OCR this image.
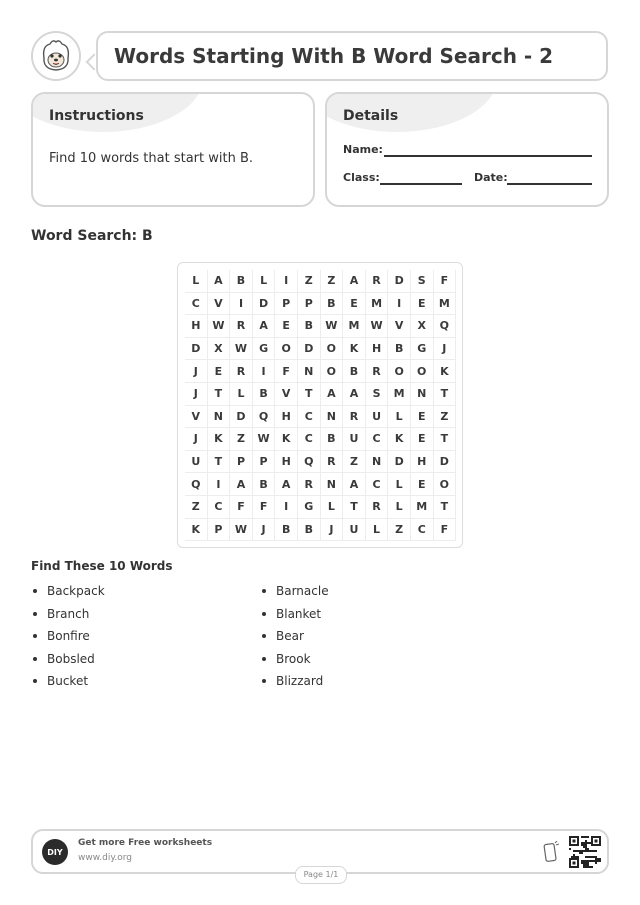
Words Starting With B Word Search - 2
Instructions
Find 10 words that start with B.
Details
Name:
Class:	Date:
Word Search: B
L	A	B	L	I	Z	Z	A	R	D	S	F
C	V	I	D	P	P	B	E	M	I	E	M
H	W	R	A	E	B	W	M	W	V	X	Q
D	X	W	G	O	D	O	K	H	B	G	J
J	E	R	I	F	N	O	B	R	O	O	K
J	T	L	B	V	T	A	A	S	M	N	T
V	N	D	Q	H	C	N	R	U	L	E	Z
J	K	Z	W	K	C	B	U	C	K	E	T
U	T	P	P	H	Q	R	Z	N	D	H	D
Q	I	A	B	A	R	N	A	C	L	E	O
Z	C	F	F	I	G	L	T	R	L	M	T
K	P	W	J	B	B	J	U	L	Z	C	F
Find These 10 Words
Backpack
Branch
Bonfire
Bobsled
Bucket
Barnacle
Blanket
Bear
Brook
Blizzard
DIY
Get more Free worksheets
www.diy.org
Page 1/1
